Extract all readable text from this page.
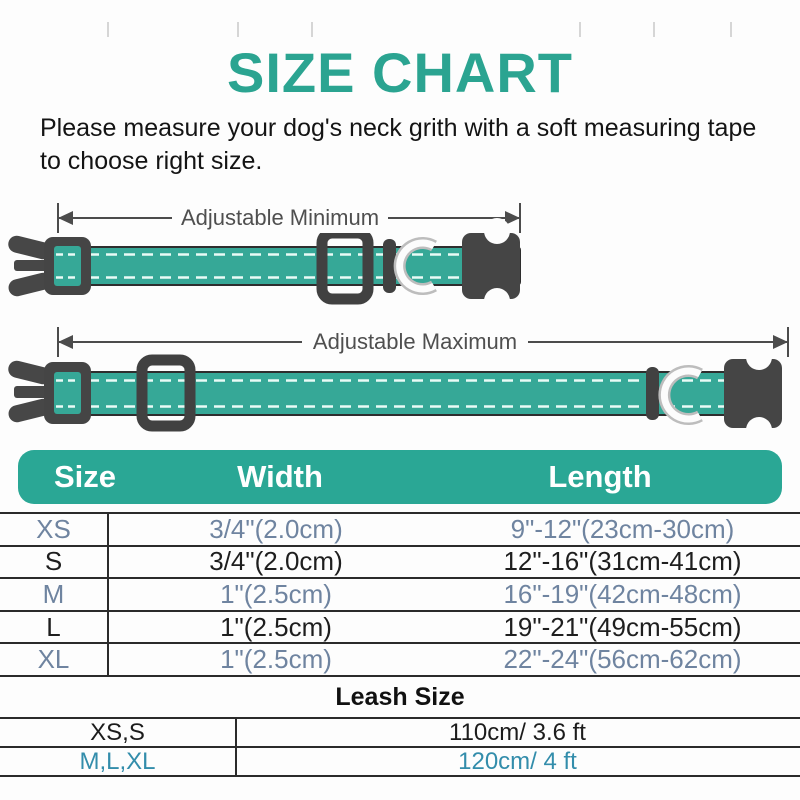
SIZE CHART

Please measure your dog's neck grith with a soft measuring tape to choose right size.

Adjustable Minimum
Adjustable Maximum
Size	Width	Length
XS	3/4"(2.0cm)	9"-12"(23cm-30cm)
S	3/4"(2.0cm)	12"-16"(31cm-41cm)
M	1"(2.5cm)	16"-19"(42cm-48cm)
L	1"(2.5cm)	19"-21"(49cm-55cm)
XL	1"(2.5cm)	22"-24"(56cm-62cm)
Leash Size
XS,S	110cm/ 3.6 ft
M,L,XL	120cm/ 4 ft
